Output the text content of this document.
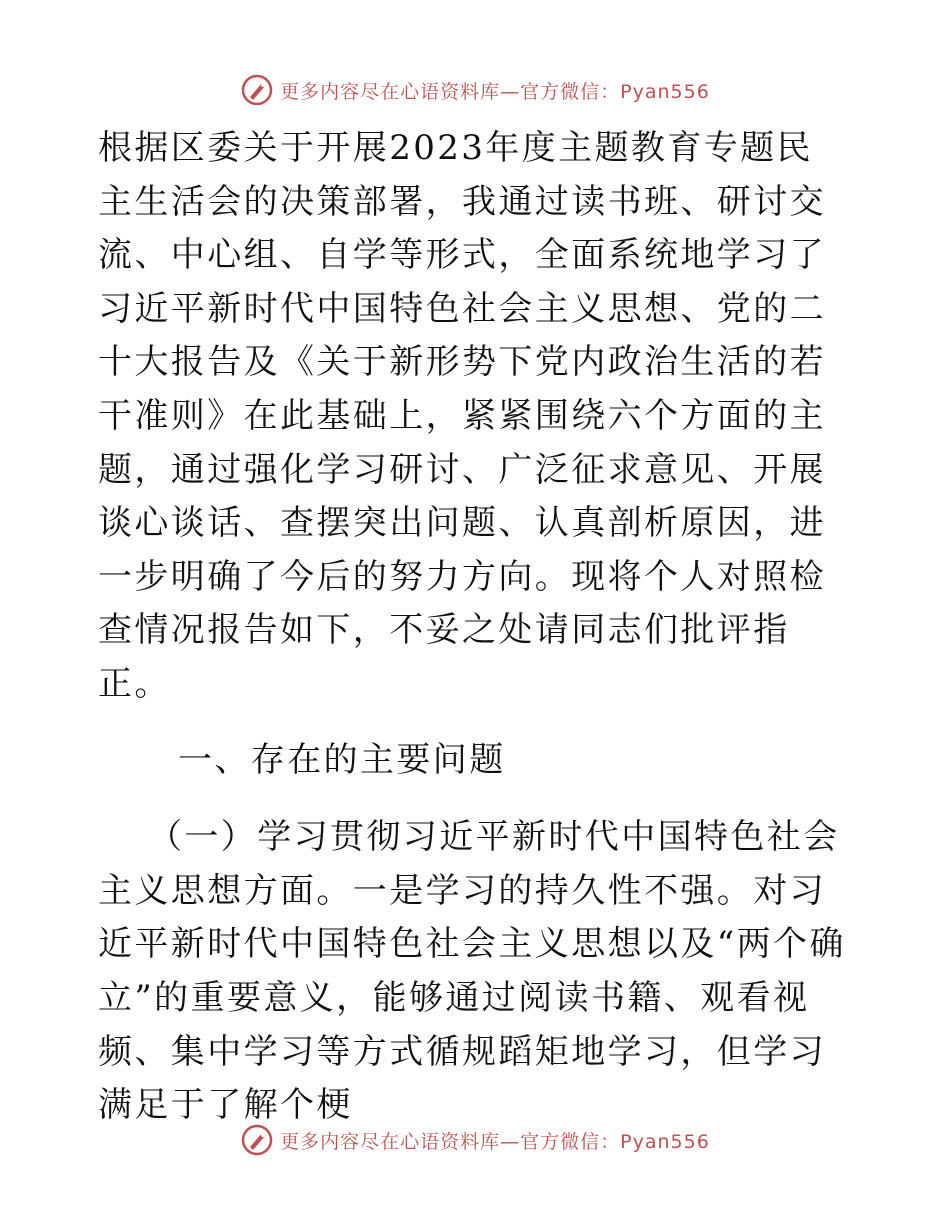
更多内容尽在心语资料库—官方微信：Pyan556

根据区委关于开展2023年度主题教育专题民主生活会的决策部署，我通过读书班、研讨交流、中心组、自学等形式，全面系统地学习了习近平新时代中国特色社会主义思想、党的二十大报告及《关于新形势下党内政治生活的若干准则》在此基础上，紧紧围绕六个方面的主题，通过强化学习研讨、广泛征求意见、开展谈心谈话、查摆突出问题、认真剖析原因，进一步明确了今后的努力方向。现将个人对照检查情况报告如下，不妥之处请同志们批评指正。

一、存在的主要问题

（一）学习贯彻习近平新时代中国特色社会主义思想方面。一是学习的持久性不强。对习近平新时代中国特色社会主义思想以及“两个确立”的重要意义，能够通过阅读书籍、观看视频、集中学习等方式循规蹈矩地学习，但学习满足于了解个梗

更多内容尽在心语资料库—官方微信：Pyan556
